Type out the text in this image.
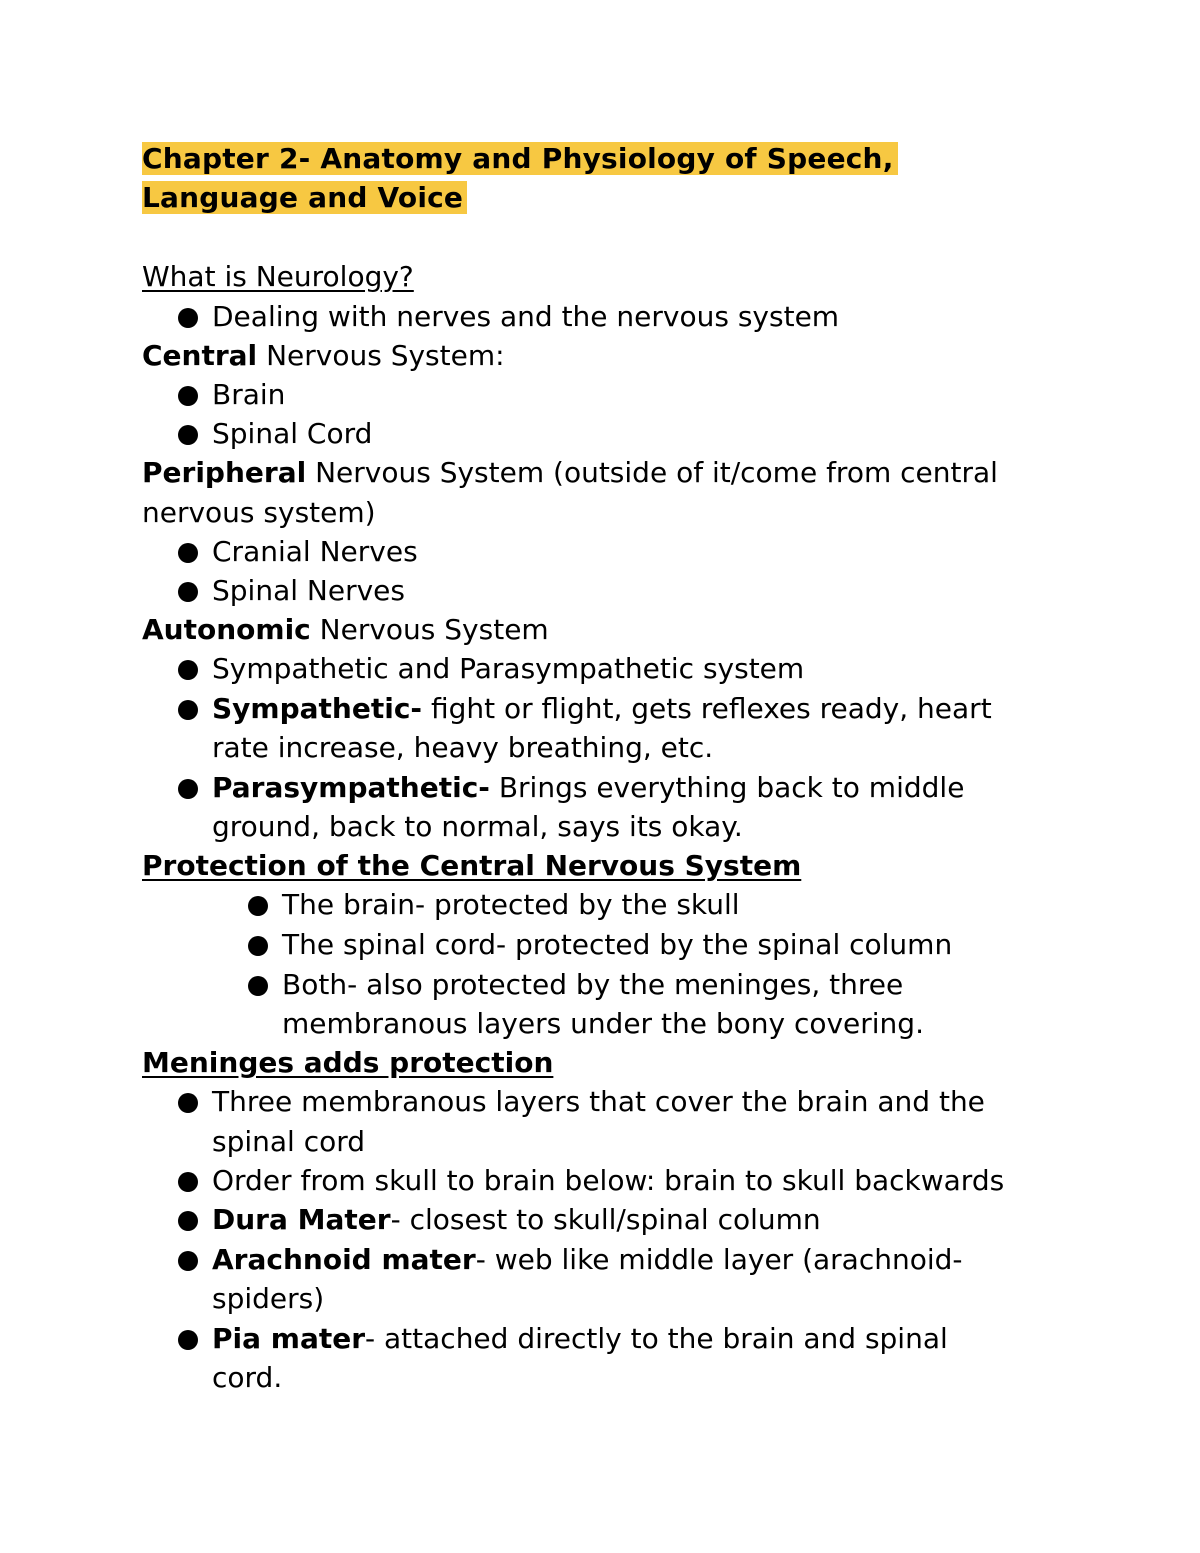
Chapter 2- Anatomy and Physiology of Speech,
Language and Voice
What is Neurology?
Dealing with nerves and the nervous system
Central Nervous System:
Brain
Spinal Cord
Peripheral Nervous System (outside of it/come from central
nervous system)
Cranial Nerves
Spinal Nerves
Autonomic Nervous System
Sympathetic and Parasympathetic system
Sympathetic- fight or flight, gets reflexes ready, heart
rate increase, heavy breathing, etc.
Parasympathetic- Brings everything back to middle
ground, back to normal, says its okay.
Protection of the Central Nervous System
The brain- protected by the skull
The spinal cord- protected by the spinal column
Both- also protected by the meninges, three
membranous layers under the bony covering.
Meninges adds protection
Three membranous layers that cover the brain and the
spinal cord
Order from skull to brain below: brain to skull backwards
Dura Mater- closest to skull/spinal column
Arachnoid mater- web like middle layer (arachnoid-
spiders)
Pia mater- attached directly to the brain and spinal
cord.
